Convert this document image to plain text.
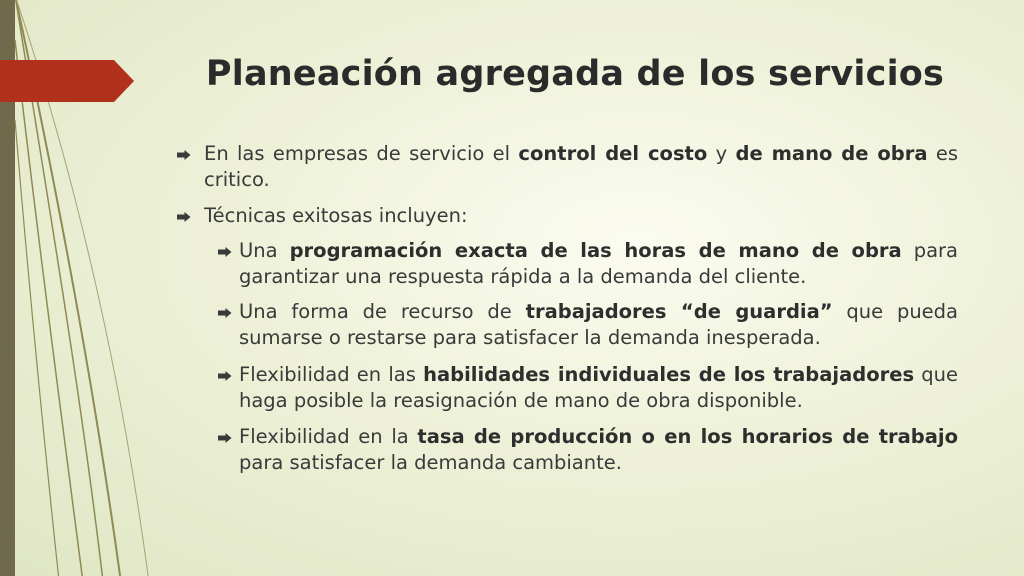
Planeación agregada de los servicios
En las empresas de servicio el control del costo y de mano de obra es
critico.
Técnicas exitosas incluyen:
Una programación exacta de las horas de mano de obra para
garantizar una respuesta rápida a la demanda del cliente.
Una forma de recurso de trabajadores “de guardia” que pueda
sumarse o restarse para satisfacer la demanda inesperada.
Flexibilidad en las habilidades individuales de los trabajadores que
haga posible la reasignación de mano de obra disponible.
Flexibilidad en la tasa de producción o en los horarios de trabajo
para satisfacer la demanda cambiante.
